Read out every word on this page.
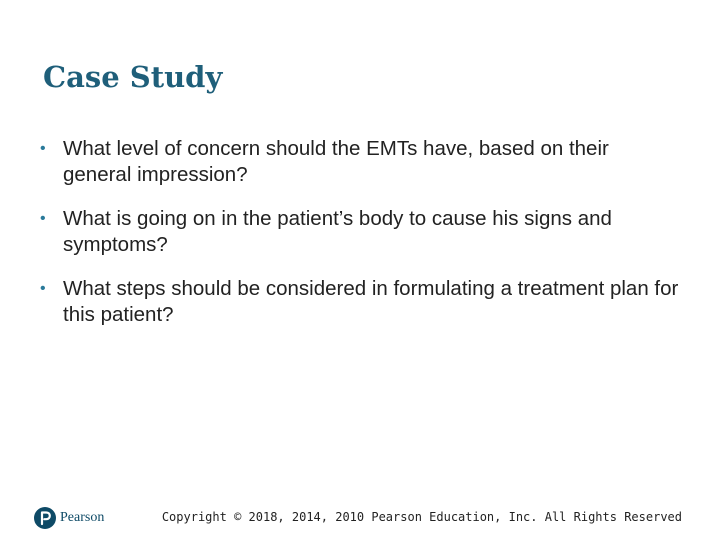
Case Study
• What level of concern should the EMTs have, based on their general impression?
• What is going on in the patient’s body to cause his signs and symptoms?
• What steps should be considered in formulating a treatment plan for this patient?
Pearson	Copyright © 2018, 2014, 2010 Pearson Education, Inc. All Rights Reserved
